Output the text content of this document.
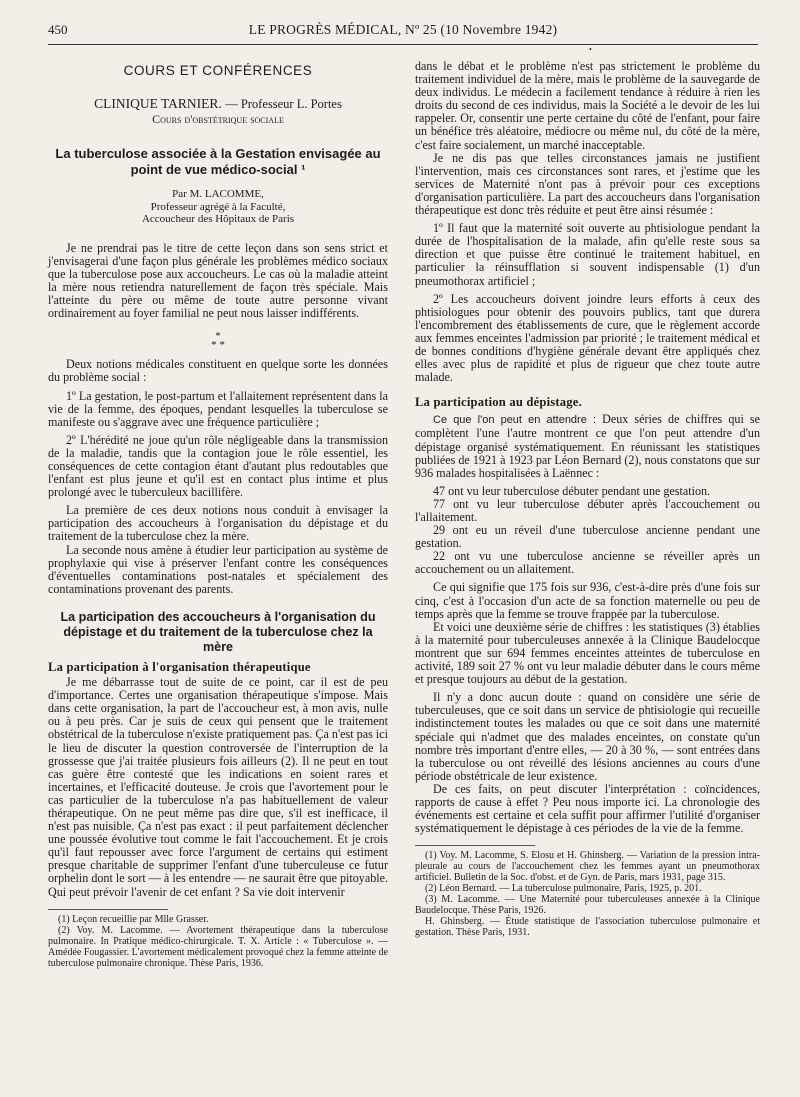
450	LE PROGRÈS MÉDICAL, Nº 25 (10 Novembre 1942)
•
COURS ET CONFÉRENCES
CLINIQUE TARNIER. — Professeur L. Portes
Cours d'obstétrique sociale
La tuberculose associée à la Gestation envisagée au point de vue médico-social ¹
Par M. LACOMME,
Professeur agrégé à la Faculté,
Accoucheur des Hôpitaux de Paris

Je ne prendrai pas le titre de cette leçon dans son sens strict et j'envisagerai d'une façon plus générale les problèmes médico sociaux que la tuberculose pose aux accoucheurs. Le cas où la maladie atteint la mère nous retiendra naturellement de façon très spéciale. Mais l'atteinte du père ou même de toute autre personne vivant ordinairement au foyer familial ne peut nous laisser indifférents.

*
* *

Deux notions médicales constituent en quelque sorte les données du problème social :

1º La gestation, le post-partum et l'allaitement représentent dans la vie de la femme, des époques, pendant lesquelles la tuberculose se manifeste ou s'aggrave avec une fréquence particulière ;

2º L'hérédité ne joue qu'un rôle négligeable dans la transmission de la maladie, tandis que la contagion joue le rôle essentiel, les conséquences de cette contagion étant d'autant plus redoutables que l'enfant est plus jeune et qu'il est en contact plus intime et plus prolongé avec le tuberculeux bacillifère.

La première de ces deux notions nous conduit à envisager la participation des accoucheurs à l'organisation du dépistage et du traitement de la tuberculose chez la mère.

La seconde nous amène à étudier leur participation au système de prophylaxie qui vise à préserver l'enfant contre les conséquences d'éventuelles contaminations post-natales et spécialement des contaminations provenant des parents.

La participation des accoucheurs à l'organisation du dépistage et du traitement de la tuberculose chez la mère
La participation à l'organisation thérapeutique

Je me débarrasse tout de suite de ce point, car il est de peu d'importance. Certes une organisation thérapeutique s'impose. Mais dans cette organisation, la part de l'accoucheur est, à mon avis, nulle ou à peu près. Car je suis de ceux qui pensent que le traitement obstétrical de la tuberculose n'existe pratiquement pas. Ça n'est pas ici le lieu de discuter la question controversée de l'interruption de la grossesse que j'ai traitée plusieurs fois ailleurs (2). Il ne peut en tout cas guère être contesté que les indications en soient rares et incertaines, et l'efficacité douteuse. Je crois que l'avortement pour le cas particulier de la tuberculose n'a pas habituellement de valeur thérapeutique. On ne peut même pas dire que, s'il est inefficace, il n'est pas nuisible. Ça n'est pas exact : il peut parfaitement déclencher une poussée évolutive tout comme le fait l'accouchement. Et je crois qu'il faut repousser avec force l'argument de certains qui estiment presque charitable de supprimer l'enfant d'une tuberculeuse ce futur orphelin dont le sort — à les entendre — ne saurait être que pitoyable. Qui peut prévoir l'avenir de cet enfant ? Sa vie doit intervenir

(1) Leçon recueillie par Mlle Grasser.

(2) Voy. M. Lacomme. — Avortement thérapeutique dans la tuberculose pulmonaire. In Pratique médico-chirurgicale. T. X. Article : « Tuberculose ». — Amédée Fougassier. L'avortement médicalement provoqué chez la femme atteinte de tuberculose pulmonaire chronique. Thèse Paris, 1936.

dans le débat et le problème n'est pas strictement le problème du traitement individuel de la mère, mais le problème de la sauvegarde de deux individus. Le médecin a facilement tendance à réduire à rien les droits du second de ces individus, mais la Société a le devoir de les lui rappeler. Or, consentir une perte certaine du côté de l'enfant, pour faire un bénéfice très aléatoire, médiocre ou même nul, du côté de la mère, c'est faire socialement, un marché inacceptable.

Je ne dis pas que telles circonstances jamais ne justifient l'intervention, mais ces circonstances sont rares, et j'estime que les services de Maternité n'ont pas à prévoir pour ces exceptions d'organisation particulière. La part des accoucheurs dans l'organisation thérapeutique est donc très réduite et peut être ainsi résumée :

1º Il faut que la maternité soit ouverte au phtisiologue pendant la durée de l'hospitalisation de la malade, afin qu'elle reste sous sa direction et que puisse être continué le traitement habituel, en particulier la réinsufflation si souvent indispensable (1) d'un pneumothorax artificiel ;

2º Les accoucheurs doivent joindre leurs efforts à ceux des phtisiologues pour obtenir des pouvoirs publics, tant que durera l'encombrement des établissements de cure, que le règlement accorde aux femmes enceintes l'admission par priorité ; le traitement médical et de bonnes conditions d'hygiène générale devant être appliqués chez elles avec plus de rapidité et plus de rigueur que chez toute autre malade.

La participation au dépistage.

Ce que l'on peut en attendre : Deux séries de chiffres qui se complètent l'une l'autre montrent ce que l'on peut attendre d'un dépistage organisé systématiquement. En réunissant les statistiques publiées de 1921 à 1923 par Léon Bernard (2), nous constatons que sur 936 malades hospitalisées à Laënnec :

47 ont vu leur tuberculose débuter pendant une gestation.

77 ont vu leur tuberculose débuter après l'accouchement ou l'allaitement.

29 ont eu un réveil d'une tuberculose ancienne pendant une gestation.

22 ont vu une tuberculose ancienne se réveiller après un accouchement ou un allaitement.

Ce qui signifie que 175 fois sur 936, c'est-à-dire près d'une fois sur cinq, c'est à l'occasion d'un acte de sa fonction maternelle ou peu de temps après que la femme se trouve frappée par la tuberculose.

Et voici une deuxième série de chiffres : les statistiques (3) établies à la maternité pour tuberculeuses annexée à la Clinique Baudelocque montrent que sur 694 femmes enceintes atteintes de tuberculose en activité, 189 soit 27 % ont vu leur maladie débuter dans le cours même et presque toujours au début de la gestation.

Il n'y a donc aucun doute : quand on considère une série de tuberculeuses, que ce soit dans un service de phtisiologie qui recueille indistinctement toutes les malades ou que ce soit dans une maternité spéciale qui n'admet que des malades enceintes, on constate qu'un nombre très important d'entre elles, — 20 à 30 %, — sont entrées dans la tuberculose ou ont réveillé des lésions anciennes au cours d'une période obstétricale de leur existence.

De ces faits, on peut discuter l'interprétation : coïncidences, rapports de cause à effet ? Peu nous importe ici. La chronologie des événements est certaine et cela suffit pour affirmer l'utilité d'organiser systématiquement le dépistage à ces périodes de la vie de la femme.

(1) Voy. M. Lacomme, S. Elosu et H. Ghinsberg. — Variation de la pression intra-pleurale au cours de l'accouchement chez les femmes ayant un pneumothorax artificiel. Bulletin de la Soc. d'obst. et de Gyn. de Paris, mars 1931, page 315.

(2) Léon Bernard. — La tuberculose pulmonaire, Paris, 1925, p. 201.

(3) M. Lacomme. — Une Maternité pour tuberculeuses annexée à la Clinique Baudelocque. Thèse Paris, 1926.

H. Ghinsberg. — Étude statistique de l'association tuberculose pulmonaire et gestation. Thèse Paris, 1931.
